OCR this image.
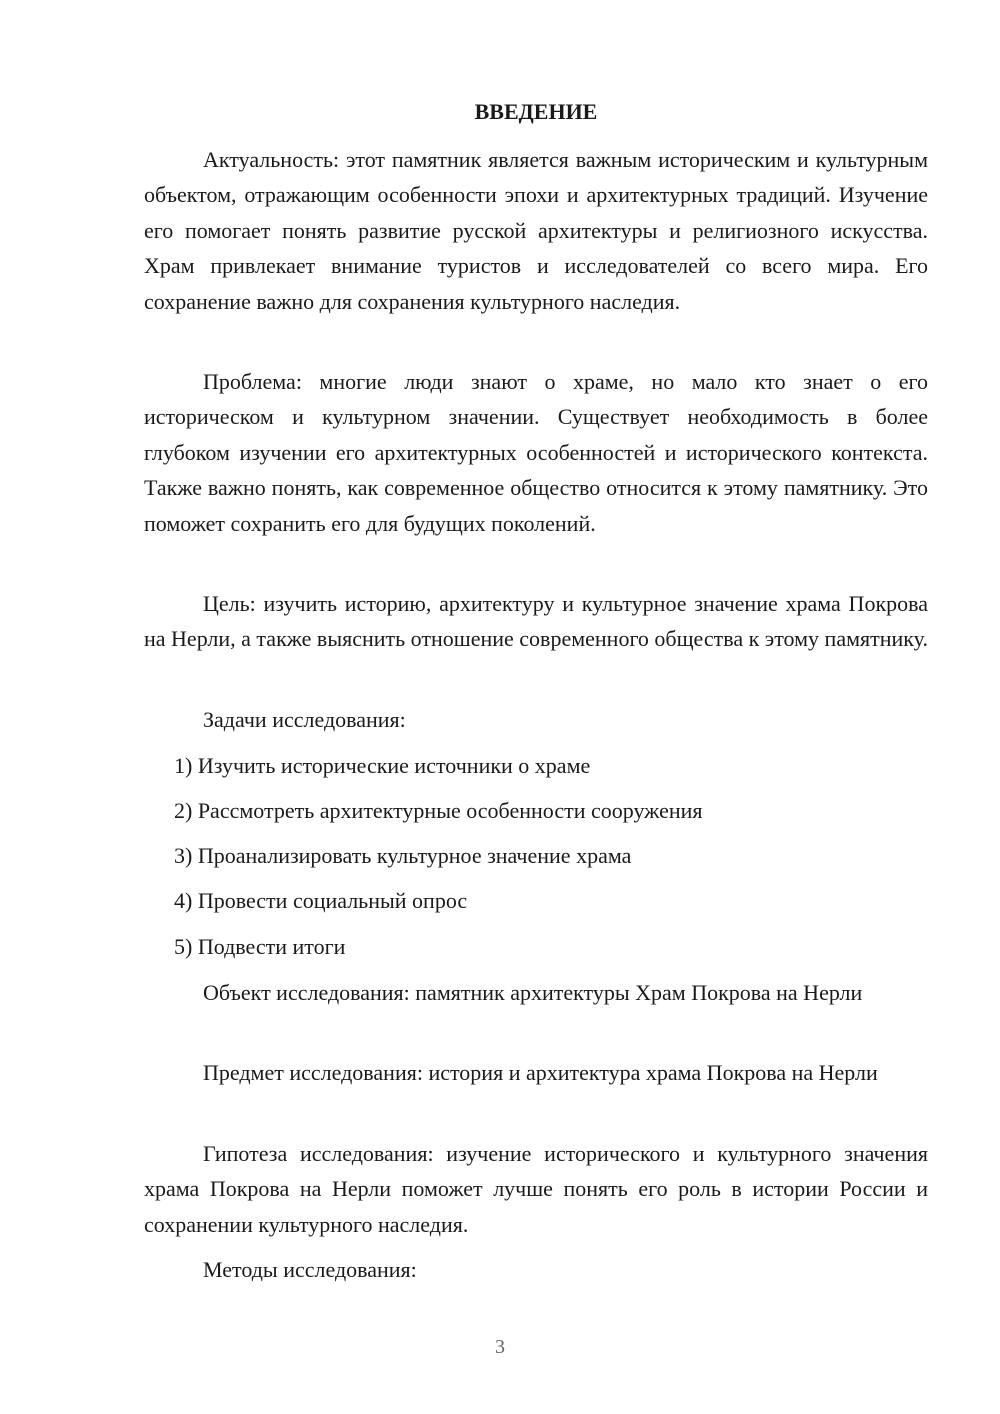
ВВЕДЕНИЕ

Актуальность: этот памятник является важным историческим и культурным объектом, отражающим особенности эпохи и архитектурных традиций. Изучение его помогает понять развитие русской архитектуры и религиозного искусства. Храм привлекает внимание туристов и исследователей со всего мира. Его сохранение важно для сохранения культурного наследия.

Проблема: многие люди знают о храме, но мало кто знает о его историческом и культурном значении. Существует необходимость в более глубоком изучении его архитектурных особенностей и исторического контекста. Также важно понять, как современное общество относится к этому памятнику. Это поможет сохранить его для будущих поколений.

Цель: изучить историю, архитектуру и культурное значение храма Покрова на Нерли, а также выяснить отношение современного общества к этому памятнику.

Задачи исследования:

1) Изучить исторические источники о храме

2) Рассмотреть архитектурные особенности сооружения

3) Проанализировать культурное значение храма

4) Провести социальный опрос

5) Подвести итоги

Объект исследования: памятник архитектуры Храм Покрова на Нерли

Предмет исследования: история и архитектура храма Покрова на Нерли

Гипотеза исследования: изучение исторического и культурного значения храма Покрова на Нерли поможет лучше понять его роль в истории России и сохранении культурного наследия.

Методы исследования:

3
